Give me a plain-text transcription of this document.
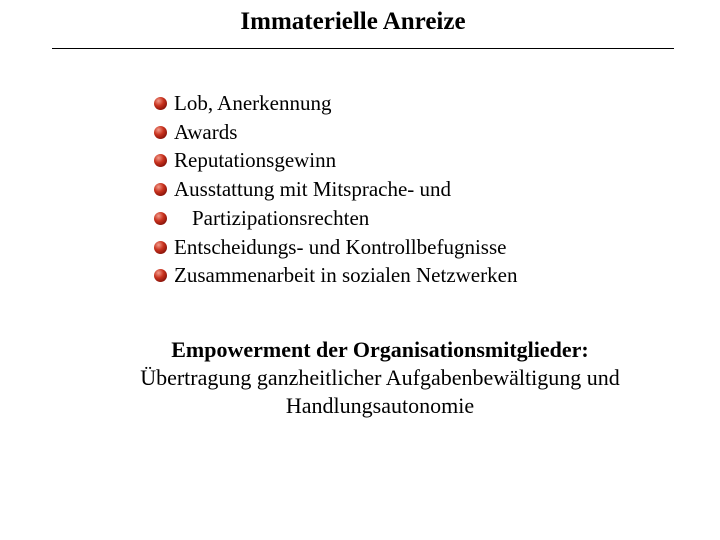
Immaterielle Anreize
Lob, Anerkennung
Awards
Reputationsgewinn
Ausstattung mit Mitsprache- und
Partizipationsrechten
Entscheidungs- und Kontrollbefugnisse
Zusammenarbeit in sozialen Netzwerken
Empowerment der Organisationsmitglieder:
Übertragung ganzheitlicher Aufgabenbewältigung und
Handlungsautonomie
